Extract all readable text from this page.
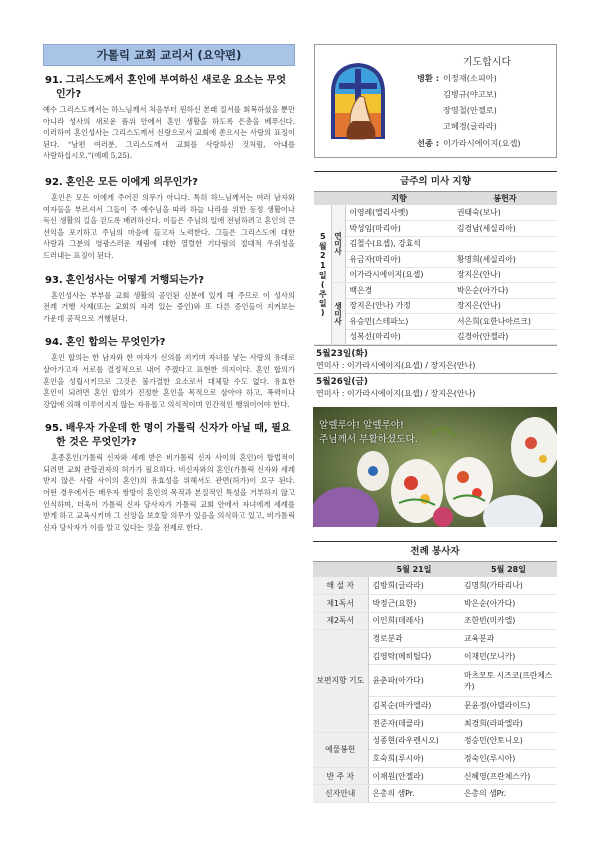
가톨릭 교회 교리서 (요약편)
91. 그리스도께서 혼인에 부여하신 새로운 요소는 무엇인가?

예수 그리스도께서는 하느님께서 처음부터 원하신 본래 질서를 회복하셨을 뿐만 아니라 성사의 새로운 품위 안에서 혼인 생활을 하도록 은총을 베푸신다. 이러하여 혼인성사는 그리스도께서 신랑으로서 교회에 쏟으시는 사랑의 표징이 된다. “남편 여러분, 그리스도께서 교회를 사랑하신 것처럼, 아내를 사랑하십시오.”(에페 5,25).

92. 혼인은 모든 이에게 의무인가?

혼인은 모든 이에게 주어진 의무가 아니다. 특히 하느님께서는 여러 남자와 여자들을 부르셔서 그들이 주 예수님을 따라 하늘 나라를 위한 동정 생활이나 독신 생활의 길을 걷도록 배려하신다. 이들은 주님의 일에 전념하려고 혼인의 큰 선익을 포기하고 주님의 마음에 들고자 노력한다. 그들은 그리스도에 대한 사랑과 그분의 영광스러운 재림에 대한 열렬한 기다림의 절대적 우위성을 드러내는 표징이 된다.

93. 혼인성사는 어떻게 거행되는가?

혼인성사는 부부를 교회 생활의 공인된 신분에 있게 해 주므로 이 성사의 전례 거행 사제(또는 교회의 자격 있는 증인)와 또 다른 증인들이 지켜보는 가운데 공적으로 거행된다.

94. 혼인 합의는 무엇인가?

혼인 합의는 한 남자와 한 여자가 신의를 지키며 자녀를 낳는 사랑의 유대로 살아가고자 서로를 결정적으로 내어 주겠다고 표현한 의지이다. 혼인 합의가 혼인을 성립시키므로 그것은 불가결한 요소로서 대체할 수도 없다. 유효한 혼인이 되려면 혼인 합의가 진정한 혼인을 목적으로 삼아야 하고, 폭력이나 강압에 의해 이루어지지 않는 자유롭고 의식적이며 인간적인 행위이어야 한다.

95. 배우자 가운데 한 명이 가톨릭 신자가 아닐 때, 필요한 것은 무엇인가?

혼종혼인(가톨릭 신자와 세례 받은 비가톨릭 신자 사이의 혼인)이 합법적이 되려면 교회 관할권자의 허가가 필요하다. 비신자와의 혼인(가톨릭 신자와 세례 받지 않은 사람 사이의 혼인)의 유효성을 위해서도 관면(허가)이 요구 된다. 어떤 경우에서든 배우자 쌍방이 혼인의 목적과 본질적인 특성을 거부하지 않고 인식하며, 더욱이 가톨릭 신자 당사자가 가톨릭 교회 안에서 자녀에게 세례를 받게 하고 교육시키며 그 신앙을 보호할 의무가 있음을 의식하고 있고, 비가톨릭 신자 당사자가 이를 알고 있다는 것을 전제로 한다.

기도합시다
병환 : 이정재(소피아)
김병규(야고보)
장영철(안젤로)
고혜경(글라라)
선종 : 이가라시에이지(요셉)
금주의 미사 지향
		지향	봉헌자
5월21일(주일)	연미사	이영례(엘리사벳)	권태숙(보나)
		박성임(마리아)	김경남(세실리아)
		김철수(요셉), 강효석	
		유금자(마리아)	황명희(세실리아)
		이가라시에이지(요셉)	장지은(안나)
	생미사	백은경	박은순(아가다)
		장지은(안나) 가정	장지은(안나)
		유승민(스테파노)	서은희(요한나아르크)
		성복선(마리아)	김경아(안젤라)
5월23일(화)
연미사 : 이가라시에이지(요셉) / 장지은(안나)
5월26일(금)
연미사 : 이가라시에이지(요셉) / 장지은(안나)
알렐루야! 알렐루야!
주님께서 부활하셨도다.
전례 봉사자
	5월 21일	5월 28일
해 설 자	김방희(글라라)	김명희(가타리나)
제1독서	박정근(요한)	박은순(아가다)
제2독서	이인희(데레사)	조한빈(미카엘)
보편지향 기도	경로분과	교육분과
	김영탁(메히틸다)	이재민(모니카)
	윤춘파(아가다)	마츠모토 시즈코(프란체스카)
	김복순(마카엘라)	문윤정(아델라이드)
	전준자(데클라)	최경희(라파엘라)
예물봉헌	성종현(라우렌시오)	정승민(안토니오)
	호숙희(루시아)	정숙인(루시아)
반 주 자	이채원(안젤라)	신혜영(프란체스카)
신자안내	은총의 샘Pr.	은총의 샘Pr.
